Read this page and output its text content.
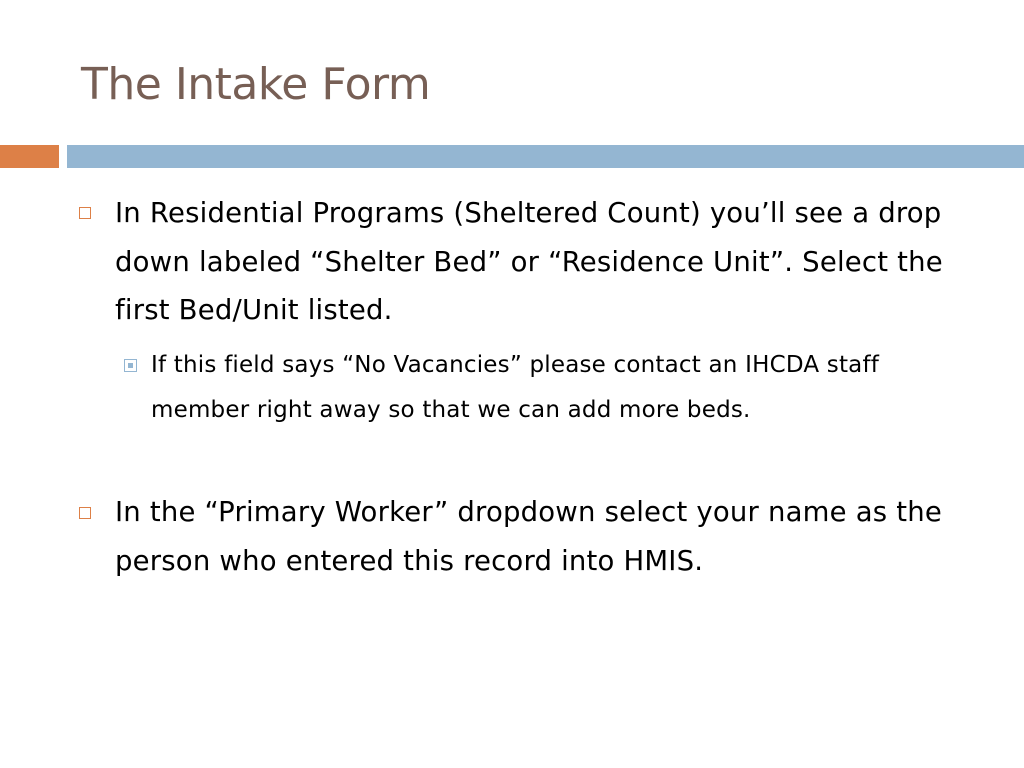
The Intake Form
In Residential Programs (Sheltered Count) you’ll see a drop down labeled “Shelter Bed” or “Residence Unit”. Select the first Bed/Unit listed.
If this field says “No Vacancies” please contact an IHCDA staff member right away so that we can add more beds.
In the “Primary Worker” dropdown select your name as the person who entered this record into HMIS.
